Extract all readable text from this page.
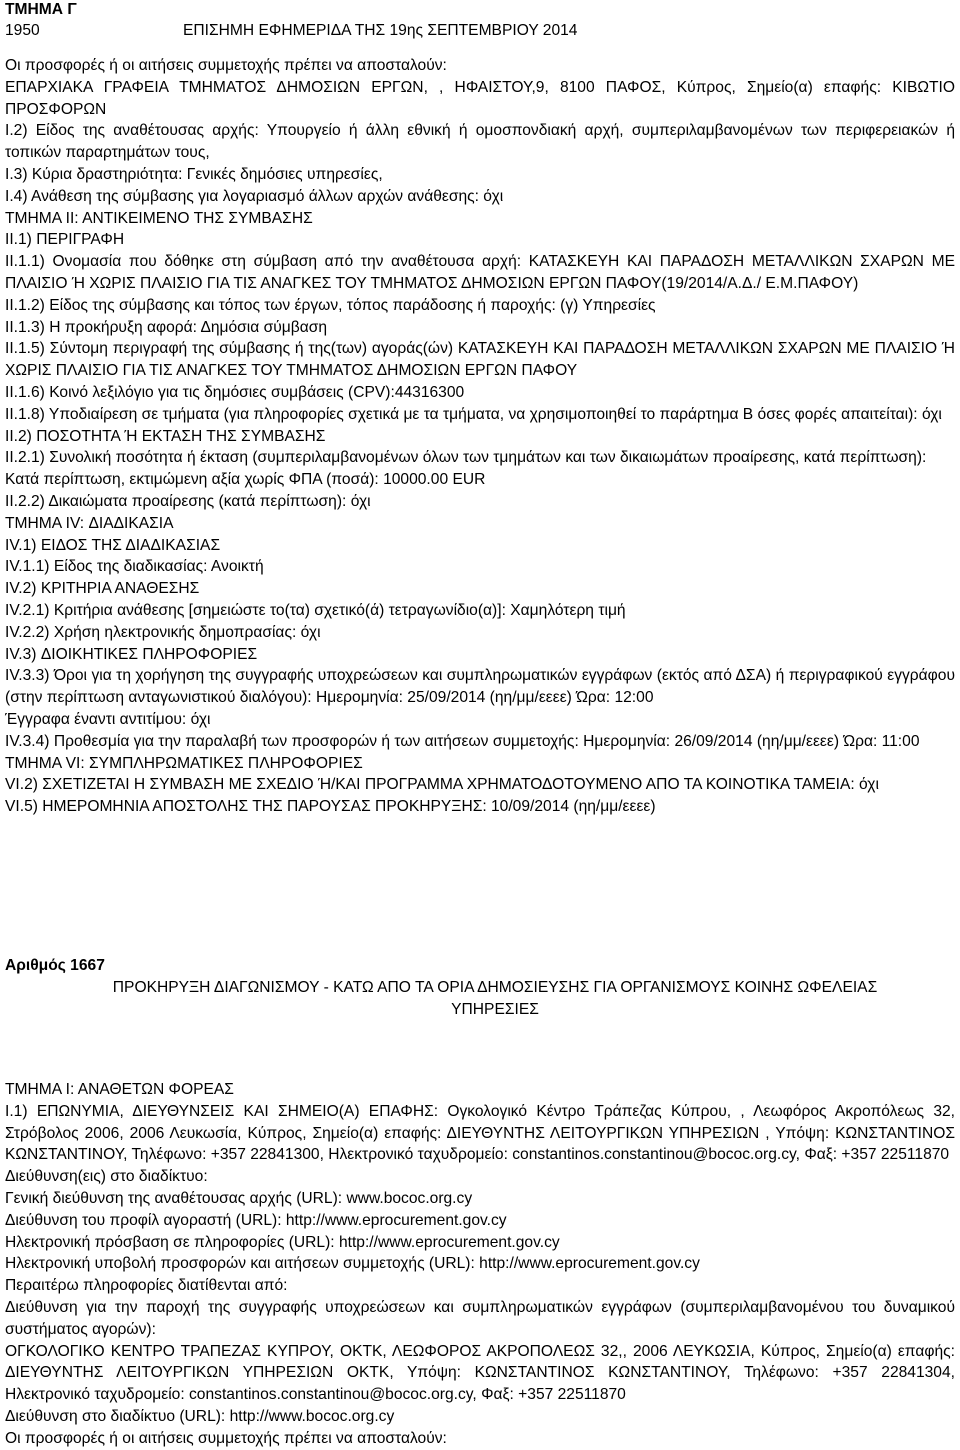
ΤΜΗΜΑ Γ
1950	ΕΠΙΣΗΜΗ ΕΦΗΜΕΡΙΔΑ ΤΗΣ 19ης ΣΕΠΤΕΜΒΡΙΟΥ 2014

Οι προσφορές ή οι αιτήσεις συμμετοχής πρέπει να αποσταλούν:

ΕΠΑΡΧΙΑΚΑ ΓΡΑΦΕΙΑ ΤΜΗΜΑΤΟΣ ΔΗΜΟΣΙΩΝ ΕΡΓΩΝ, , ΗΦΑΙΣΤΟΥ,9, 8100 ΠΑΦΟΣ, Κύπρος, Σημείο(α) επαφής: ΚΙΒΩΤΙΟ ΠΡΟΣΦΟΡΩΝ

Ι.2) Είδος της αναθέτουσας αρχής: Υπουργείο ή άλλη εθνική ή ομοσπονδιακή αρχή, συμπεριλαμβανομένων των περιφερειακών ή τοπικών παραρτημάτων τους,

Ι.3) Κύρια δραστηριότητα: Γενικές δημόσιες υπηρεσίες,

Ι.4) Ανάθεση της σύμβασης για λογαριασμό άλλων αρχών ανάθεσης: όχι

ΤΜΗΜΑ ΙΙ: ΑΝΤΙΚΕΙΜΕΝΟ ΤΗΣ ΣΥΜΒΑΣΗΣ

ΙΙ.1) ΠΕΡΙΓΡΑΦΗ

ΙΙ.1.1) Ονομασία που δόθηκε στη σύμβαση από την αναθέτουσα αρχή: ΚΑΤΑΣΚΕΥΗ ΚΑΙ ΠΑΡΑΔΟΣΗ ΜΕΤΑΛΛΙΚΩΝ ΣΧΑΡΩΝ ΜΕ ΠΛΑΙΣΙΟ Ή ΧΩΡΙΣ ΠΛΑΙΣΙΟ ΓΙΑ ΤΙΣ ΑΝΑΓΚΕΣ ΤΟΥ ΤΜΗΜΑΤΟΣ ΔΗΜΟΣΙΩΝ ΕΡΓΩΝ ΠΑΦΟΥ(19/2014/Α.Δ./ Ε.Μ.ΠΑΦΟΥ)

ΙΙ.1.2) Είδος της σύμβασης και τόπος των έργων, τόπος παράδοσης ή παροχής: (γ) Υπηρεσίες

ΙΙ.1.3) Η προκήρυξη αφορά: Δημόσια σύμβαση

ΙΙ.1.5) Σύντομη περιγραφή της σύμβασης ή της(των) αγοράς(ών) ΚΑΤΑΣΚΕΥΗ ΚΑΙ ΠΑΡΑΔΟΣΗ ΜΕΤΑΛΛΙΚΩΝ ΣΧΑΡΩΝ ΜΕ ΠΛΑΙΣΙΟ Ή ΧΩΡΙΣ ΠΛΑΙΣΙΟ ΓΙΑ ΤΙΣ ΑΝΑΓΚΕΣ ΤΟΥ ΤΜΗΜΑΤΟΣ ΔΗΜΟΣΙΩΝ ΕΡΓΩΝ ΠΑΦΟΥ

ΙΙ.1.6) Κοινό λεξιλόγιο για τις δημόσιες συμβάσεις (CPV):44316300

ΙΙ.1.8) Υποδιαίρεση σε τμήματα (για πληροφορίες σχετικά με τα τμήματα, να χρησιμοποιηθεί το παράρτημα Β όσες φορές απαιτείται): όχι

ΙΙ.2) ΠΟΣΟΤΗΤΑ Ή ΕΚΤΑΣΗ ΤΗΣ ΣΥΜΒΑΣΗΣ

ΙΙ.2.1) Συνολική ποσότητα ή έκταση (συμπεριλαμβανομένων όλων των τμημάτων και των δικαιωμάτων προαίρεσης, κατά περίπτωση):

Κατά περίπτωση, εκτιμώμενη αξία χωρίς ΦΠΑ (ποσά): 10000.00 EUR

ΙΙ.2.2) Δικαιώματα προαίρεσης (κατά περίπτωση): όχι

ΤΜΗΜΑ IV: ΔΙΑΔΙΚΑΣΙΑ

IV.1) ΕΙΔΟΣ ΤΗΣ ΔΙΑΔΙΚΑΣΙΑΣ

IV.1.1) Είδος της διαδικασίας: Ανοικτή

IV.2) ΚΡΙΤΗΡΙΑ ΑΝΑΘΕΣΗΣ

IV.2.1) Κριτήρια ανάθεσης [σημειώστε το(τα) σχετικό(ά) τετραγωνίδιο(α)]: Χαμηλότερη τιμή

IV.2.2) Χρήση ηλεκτρονικής δημοπρασίας: όχι

IV.3) ΔΙΟΙΚΗΤΙΚΕΣ ΠΛΗΡΟΦΟΡΙΕΣ

IV.3.3) Όροι για τη χορήγηση της συγγραφής υποχρεώσεων και συμπληρωματικών εγγράφων (εκτός από ΔΣΑ) ή περιγραφικού εγγράφου (στην περίπτωση ανταγωνιστικού διαλόγου): Ημερομηνία: 25/09/2014 (ηη/μμ/εεεε) Ώρα: 12:00

Έγγραφα έναντι αντιτίμου: όχι

IV.3.4) Προθεσμία για την παραλαβή των προσφορών ή των αιτήσεων συμμετοχής: Ημερομηνία: 26/09/2014 (ηη/μμ/εεεε) Ώρα: 11:00

ΤΜΗΜΑ VI: ΣΥΜΠΛΗΡΩΜΑΤΙΚΕΣ ΠΛΗΡΟΦΟΡΙΕΣ

VI.2) ΣΧΕΤΙΖΕΤΑΙ Η ΣΥΜΒΑΣΗ ΜΕ ΣΧΕΔΙΟ Ή/ΚΑΙ ΠΡΟΓΡΑΜΜΑ ΧΡΗΜΑΤΟΔΟΤΟΥΜΕΝΟ ΑΠΟ ΤΑ ΚΟΙΝΟΤΙΚΑ ΤΑΜΕΙΑ: όχι

VI.5) ΗΜΕΡΟΜΗΝΙΑ ΑΠΟΣΤΟΛΗΣ ΤΗΣ ΠΑΡΟΥΣΑΣ ΠΡΟΚΗΡΥΞΗΣ: 10/09/2014 (ηη/μμ/εεεε)

Αριθμός 1667

ΠΡΟΚΗΡΥΞΗ ΔΙΑΓΩΝΙΣΜΟΥ - ΚΑΤΩ ΑΠΟ ΤΑ ΟΡΙΑ ΔΗΜΟΣΙΕΥΣΗΣ ΓΙΑ ΟΡΓΑΝΙΣΜΟΥΣ ΚΟΙΝΗΣ ΩΦΕΛΕΙΑΣ

ΥΠΗΡΕΣΙΕΣ

ΤΜΗΜΑ Ι: ΑΝΑΘΕΤΩΝ ΦΟΡΕΑΣ

Ι.1) ΕΠΩΝΥΜΙΑ, ΔΙΕΥΘΥΝΣΕΙΣ ΚΑΙ ΣΗΜΕΙΟ(Α) ΕΠΑΦΗΣ: Ογκολογικό Κέντρο Τράπεζας Κύπρου, , Λεωφόρος Ακροπόλεως 32, Στρόβολος 2006, 2006 Λευκωσία, Κύπρος, Σημείο(α) επαφής: ΔΙΕΥΘΥΝΤΗΣ ΛΕΙΤΟΥΡΓΙΚΩΝ ΥΠΗΡΕΣΙΩΝ , Υπόψη: ΚΩΝΣΤΑΝΤΙΝΟΣ ΚΩΝΣΤΑΝΤΙΝΟΥ, Τηλέφωνο: +357 22841300, Ηλεκτρονικό ταχυδρομείο: constantinos.constantinou@bococ.org.cy, Φαξ: +357 22511870

Διεύθυνση(εις) στο διαδίκτυο:

Γενική διεύθυνση της αναθέτουσας αρχής (URL): www.bococ.org.cy

Διεύθυνση του προφίλ αγοραστή (URL): http://www.eprocurement.gov.cy

Ηλεκτρονική πρόσβαση σε πληροφορίες (URL): http://www.eprocurement.gov.cy

Ηλεκτρονική υποβολή προσφορών και αιτήσεων συμμετοχής (URL): http://www.eprocurement.gov.cy

Περαιτέρω πληροφορίες διατίθενται από:

Διεύθυνση για την παροχή της συγγραφής υποχρεώσεων και συμπληρωματικών εγγράφων (συμπεριλαμβανομένου του δυναμικού συστήματος αγορών):

ΟΓΚΟΛΟΓΙΚΟ ΚΕΝΤΡΟ ΤΡΑΠΕΖΑΣ ΚΥΠΡΟΥ, ΟΚΤΚ, ΛΕΩΦΟΡΟΣ ΑΚΡΟΠΟΛΕΩΣ 32,, 2006 ΛΕΥΚΩΣΙΑ, Κύπρος, Σημείο(α) επαφής: ΔΙΕΥΘΥΝΤΗΣ ΛΕΙΤΟΥΡΓΙΚΩΝ ΥΠΗΡΕΣΙΩΝ ΟΚΤΚ, Υπόψη: ΚΩΝΣΤΑΝΤΙΝΟΣ ΚΩΝΣΤΑΝΤΙΝΟΥ, Τηλέφωνο: +357 22841304, Ηλεκτρονικό ταχυδρομείο: constantinos.constantinou@bococ.org.cy, Φαξ: +357 22511870

Διεύθυνση στο διαδίκτυο (URL): http://www.bococ.org.cy

Οι προσφορές ή οι αιτήσεις συμμετοχής πρέπει να αποσταλούν:
